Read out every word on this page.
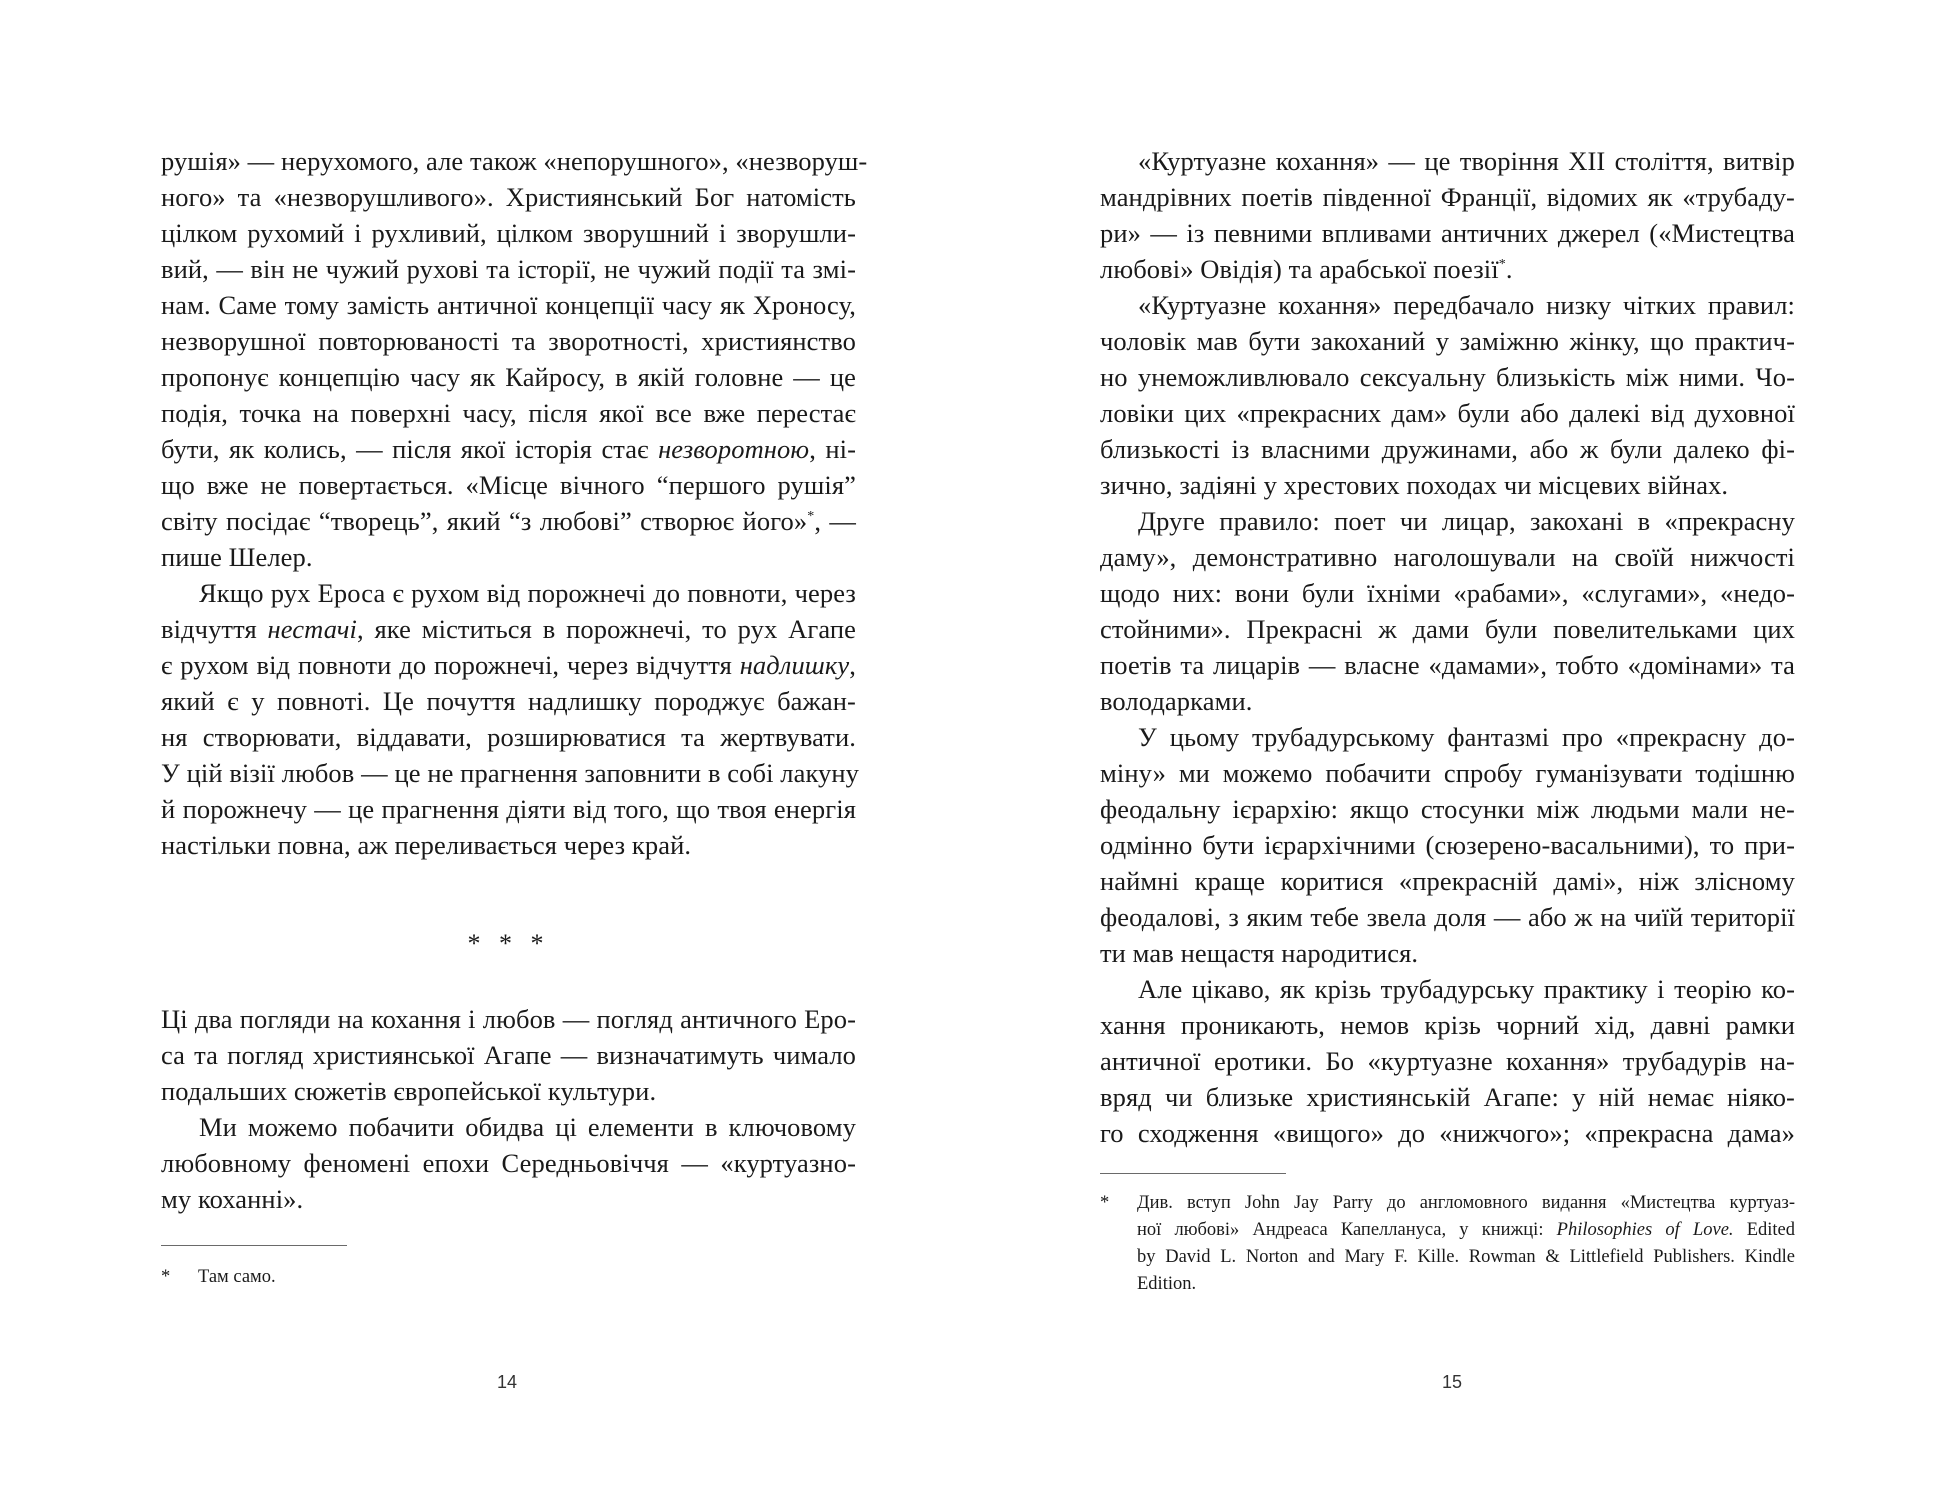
рушія» — нерухомого, але також «непорушного», «незворуш-
ного» та «незворушливого». Християнський Бог натомість
цілком рухомий і рухливий, цілком зворушний і зворушли-
вий, — він не чужий рухові та історії, не чужий події та змі-
нам. Саме тому замість античної концепції часу як Хроносу,
незворушної повторюваності та зворотності, християнство
пропонує концепцію часу як Кайросу, в якій головне — це
подія, точка на поверхні часу, після якої все вже перестає
бути, як колись, — після якої історія стає незворотною, ні-
що вже не повертається. «Місце вічного “першого рушія”
світу посідає “творець”, який “з любові” створює його»*, —
пише Шелер.
Якщо рух Ероса є рухом від порожнечі до повноти, через
відчуття нестачі, яке міститься в порожнечі, то рух Агапе
є рухом від повноти до порожнечі, через відчуття надлишку,
який є у повноті. Це почуття надлишку породжує бажан-
ня створювати, віддавати, розширюватися та жертвувати.
У цій візії любов — це не прагнення заповнити в собі лакуну
й порожнечу — це прагнення діяти від того, що твоя енергія
настільки повна, аж переливається через край.
* * *
Ці два погляди на кохання і любов — погляд античного Еро-
са та погляд християнської Агапе — визначатимуть чимало
подальших сюжетів європейської культури.
Ми можемо побачити обидва ці елементи в ключовому
любовному феномені епохи Середньовіччя — «куртуазно-
му коханні».
* Там само.
14
«Куртуазне кохання» — це творіння XII століття, витвір
мандрівних поетів південної Франції, відомих як «трубаду-
ри» — із певними впливами античних джерел («Мистецтва
любові» Овідія) та арабської поезії*.
«Куртуазне кохання» передбачало низку чітких правил:
чоловік мав бути закоханий у заміжню жінку, що практич-
но унеможливлювало сексуальну близькість між ними. Чо-
ловіки цих «прекрасних дам» були або далекі від духовної
близькості із власними дружинами, або ж були далеко фі-
зично, задіяні у хрестових походах чи місцевих війнах.
Друге правило: поет чи лицар, закохані в «прекрасну
даму», демонстративно наголошували на своїй нижчості
щодо них: вони були їхніми «рабами», «слугами», «недо-
стойними». Прекрасні ж дами були повелительками цих
поетів та лицарів — власне «дамами», тобто «домінами» та
володарками.
У цьому трубадурському фантазмі про «прекрасну до-
міну» ми можемо побачити спробу гуманізувати тодішню
феодальну ієрархію: якщо стосунки між людьми мали не-
одмінно бути ієрархічними (сюзерено-васальними), то при-
наймні краще коритися «прекрасній дамі», ніж злісному
феодалові, з яким тебе звела доля — або ж на чиїй території
ти мав нещастя народитися.
Але цікаво, як крізь трубадурську практику і теорію ко-
хання проникають, немов крізь чорний хід, давні рамки
античної еротики. Бо «куртуазне кохання» трубадурів на-
вряд чи близьке християнській Агапе: у ній немає ніяко-
го сходження «вищого» до «нижчого»; «прекрасна дама»
* Див. вступ John Jay Parry до англомовного видання «Мистецтва куртуаз-
ної любові» Андреаса Капеллануса, у книжці: Philosophies of Love. Edited
by David L. Norton and Mary F. Kille. Rowman & Littlefield Publishers. Kindle
Edition.
15
